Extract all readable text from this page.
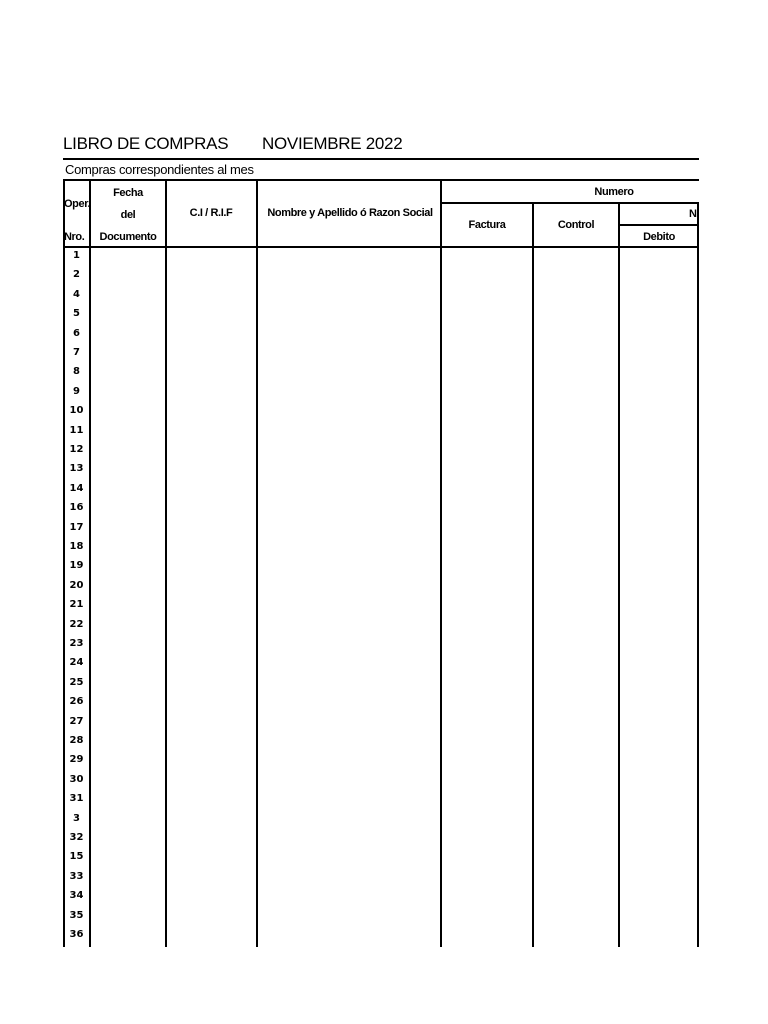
LIBRO DE COMPRAS NOVIEMBRE 2022
Compras correspondientes al mes
Oper.
Nro.
Fecha
del
Documento
C.I / R.I.F	Nombre y Apellido ó Razon Social
Numero
Factura	Control
N
Debito
1
2
4
5
6
7
8
9
10
11
12
13
14
16
17
18
19
20
21
22
23
24
25
26
27
28
29
30
31
3
32
15
33
34
35
36
